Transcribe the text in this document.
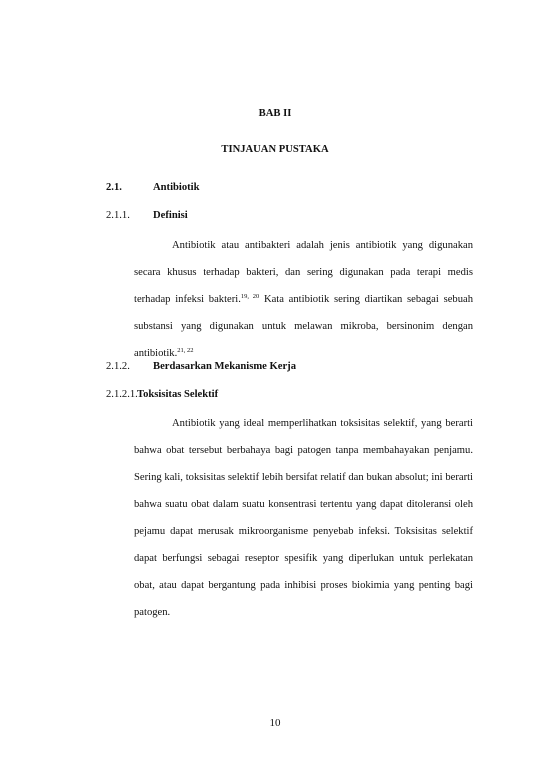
BAB II
TINJAUAN PUSTAKA
2.1.	Antibiotik
2.1.1. Definisi
Antibiotik atau antibakteri adalah jenis antibiotik yang digunakan secara khusus terhadap bakteri, dan sering digunakan pada terapi medis terhadap infeksi bakteri.$^{19, 20}$ Kata antibiotik sering diartikan sebagai sebuah substansi yang digunakan untuk melawan mikroba, bersinonim dengan antibiotik.$^{21, 22}$
2.1.2. Berdasarkan Mekanisme Kerja
2.1.2.1. Toksisitas Selektif
Antibiotik yang ideal memperlihatkan toksisitas selektif, yang berarti bahwa obat tersebut berbahaya bagi patogen tanpa membahayakan penjamu. Sering kali, toksisitas selektif lebih bersifat relatif dan bukan absolut; ini berarti bahwa suatu obat dalam suatu konsentrasi tertentu yang dapat ditoleransi oleh pejamu dapat merusak mikroorganisme penyebab infeksi. Toksisitas selektif dapat berfungsi sebagai reseptor spesifik yang diperlukan untuk perlekatan obat, atau dapat bergantung pada inhibisi proses biokimia yang penting bagi patogen.
10
